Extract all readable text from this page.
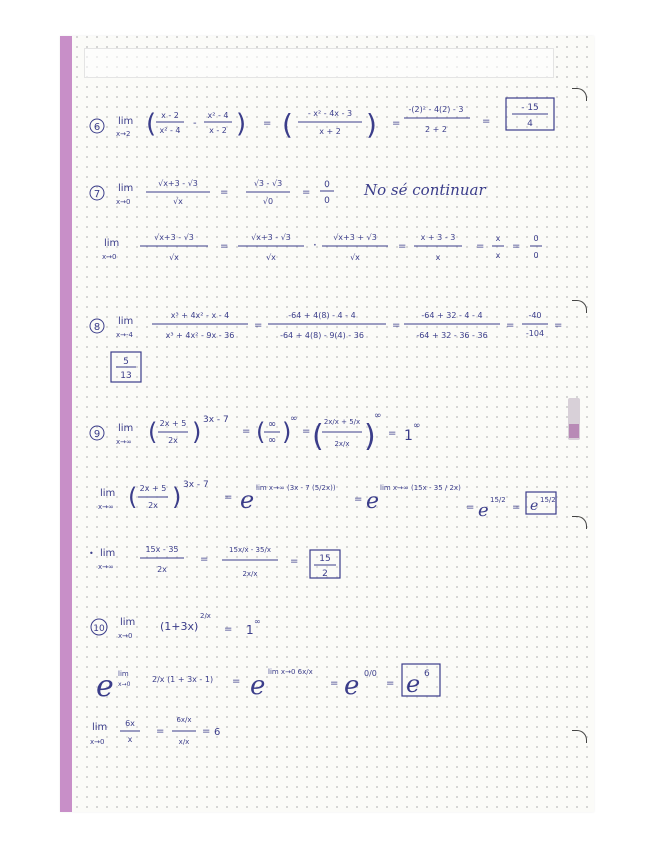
6
lim
x→2 ( x - 2
x² - 4
-
x² - 4
x - 2 ) = ( - x² - 4x - 3
x + 2 ) =
-(2)² - 4(2) - 3
2 + 2
=
- 15
4
7
lim
x→0
√x+3 - √3
√x
=
√3 - √3
√0
=
0
0
No sé continuar
lim
x→0
√x+3 - √3
√x
=
√x+3 - √3
√x
·
√x+3 + √3
√x
=
x + 3 - 3
x
=
x
x
=
0
0
8
lim
x→-4
x³ + 4x² - x - 4
x³ + 4x² - 9x - 36
=
-64 + 4(8) - 4 - 4
-64 + 4(8) - 9(4) - 36
=
-64 + 32 - 4 - 4
-64 + 32 - 36 - 36
=
-40
-104
=
5
13
9
lim
x→∞ ( 2x + 5
2x ) 3x - 7
= ( ∞
∞ )
∞
= ( 2x/x + 5/x
2x/x )
∞
= 1
∞
lim
x→∞ ( 2x + 5
2x ) 3x - 7
= e lim x→∞ (3x - 7 (5/2x))
= e
lim x→∞ (15x - 35 / 2x)
= e 15/2
= e 15/2
• lim
x→∞
15x - 35
2x
=
15x/x - 35/x
2x/x
= 15
2
10
lim
x→0
(1+3x)
2/x
= 1
∞
e lim
x→0
2/x (1 + 3x - 1) = e lim x→0 6x/x
= e 0/0
= e 6
lim
x→0
6x
x
=
6x/x
x/x
= 6
